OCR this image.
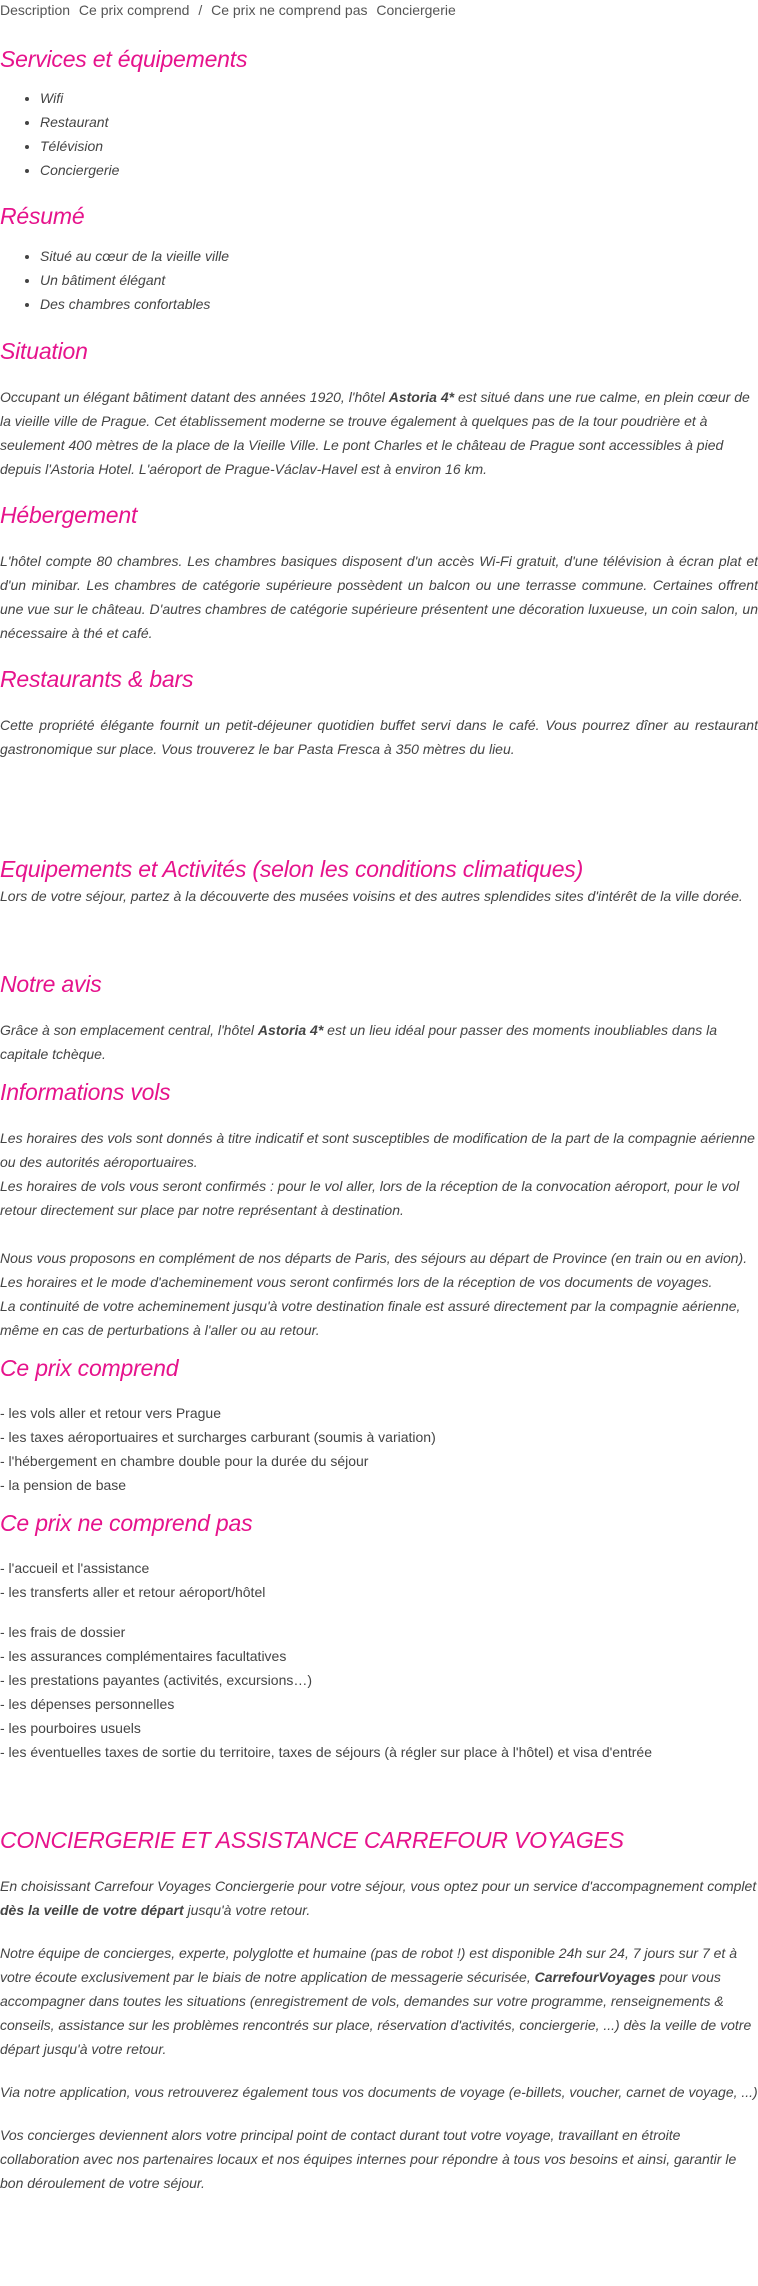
Description Ce prix comprend / Ce prix ne comprend pas Conciergerie
Services et équipements
• Wifi
• Restaurant
• Télévision
• Conciergerie
Résumé
• Situé au cœur de la vieille ville
• Un bâtiment élégant
• Des chambres confortables
Situation

Occupant un élégant bâtiment datant des années 1920, l'hôtel Astoria 4* est situé dans une rue calme, en plein cœur de la vieille ville de Prague. Cet établissement moderne se trouve également à quelques pas de la tour poudrière et à seulement 400 mètres de la place de la Vieille Ville. Le pont Charles et le château de Prague sont accessibles à pied depuis l'Astoria Hotel. L'aéroport de Prague-Václav-Havel est à environ 16 km.

Hébergement

L'hôtel compte 80 chambres. Les chambres basiques disposent d'un accès Wi-Fi gratuit, d'une télévision à écran plat et d'un minibar. Les chambres de catégorie supérieure possèdent un balcon ou une terrasse commune. Certaines offrent une vue sur le château. D'autres chambres de catégorie supérieure présentent une décoration luxueuse, un coin salon, un nécessaire à thé et café.

Restaurants & bars

Cette propriété élégante fournit un petit-déjeuner quotidien buffet servi dans le café. Vous pourrez dîner au restaurant gastronomique sur place. Vous trouverez le bar Pasta Fresca à 350 mètres du lieu.

Equipements et Activités (selon les conditions climatiques)

Lors de votre séjour, partez à la découverte des musées voisins et des autres splendides sites d'intérêt de la ville dorée.

Notre avis

Grâce à son emplacement central, l'hôtel Astoria 4* est un lieu idéal pour passer des moments inoubliables dans la capitale tchèque.

Informations vols

Les horaires des vols sont donnés à titre indicatif et sont susceptibles de modification de la part de la compagnie aérienne ou des autorités aéroportuaires.

Les horaires de vols vous seront confirmés : pour le vol aller, lors de la réception de la convocation aéroport, pour le vol retour directement sur place par notre représentant à destination.

Nous vous proposons en complément de nos départs de Paris, des séjours au départ de Province (en train ou en avion).

Les horaires et le mode d'acheminement vous seront confirmés lors de la réception de vos documents de voyages.

La continuité de votre acheminement jusqu'à votre destination finale est assuré directement par la compagnie aérienne, même en cas de perturbations à l'aller ou au retour.

Ce prix comprend
- les vols aller et retour vers Prague
- les taxes aéroportuaires et surcharges carburant (soumis à variation)
- l'hébergement en chambre double pour la durée du séjour
- la pension de base
Ce prix ne comprend pas
- l'accueil et l'assistance
- les transferts aller et retour aéroport/hôtel
- les frais de dossier
- les assurances complémentaires facultatives
- les prestations payantes (activités, excursions…)
- les dépenses personnelles
- les pourboires usuels
- les éventuelles taxes de sortie du territoire, taxes de séjours (à régler sur place à l'hôtel) et visa d'entrée
CONCIERGERIE ET ASSISTANCE CARREFOUR VOYAGES

En choisissant Carrefour Voyages Conciergerie pour votre séjour, vous optez pour un service d'accompagnement complet dès la veille de votre départ jusqu'à votre retour.

Notre équipe de concierges, experte, polyglotte et humaine (pas de robot !) est disponible 24h sur 24, 7 jours sur 7 et à votre écoute exclusivement par le biais de notre application de messagerie sécurisée, CarrefourVoyages pour vous accompagner dans toutes les situations (enregistrement de vols, demandes sur votre programme, renseignements & conseils, assistance sur les problèmes rencontrés sur place, réservation d'activités, conciergerie, ...) dès la veille de votre départ jusqu'à votre retour.

Via notre application, vous retrouverez également tous vos documents de voyage (e-billets, voucher, carnet de voyage, ...)

Vos concierges deviennent alors votre principal point de contact durant tout votre voyage, travaillant en étroite collaboration avec nos partenaires locaux et nos équipes internes pour répondre à tous vos besoins et ainsi, garantir le bon déroulement de votre séjour.
